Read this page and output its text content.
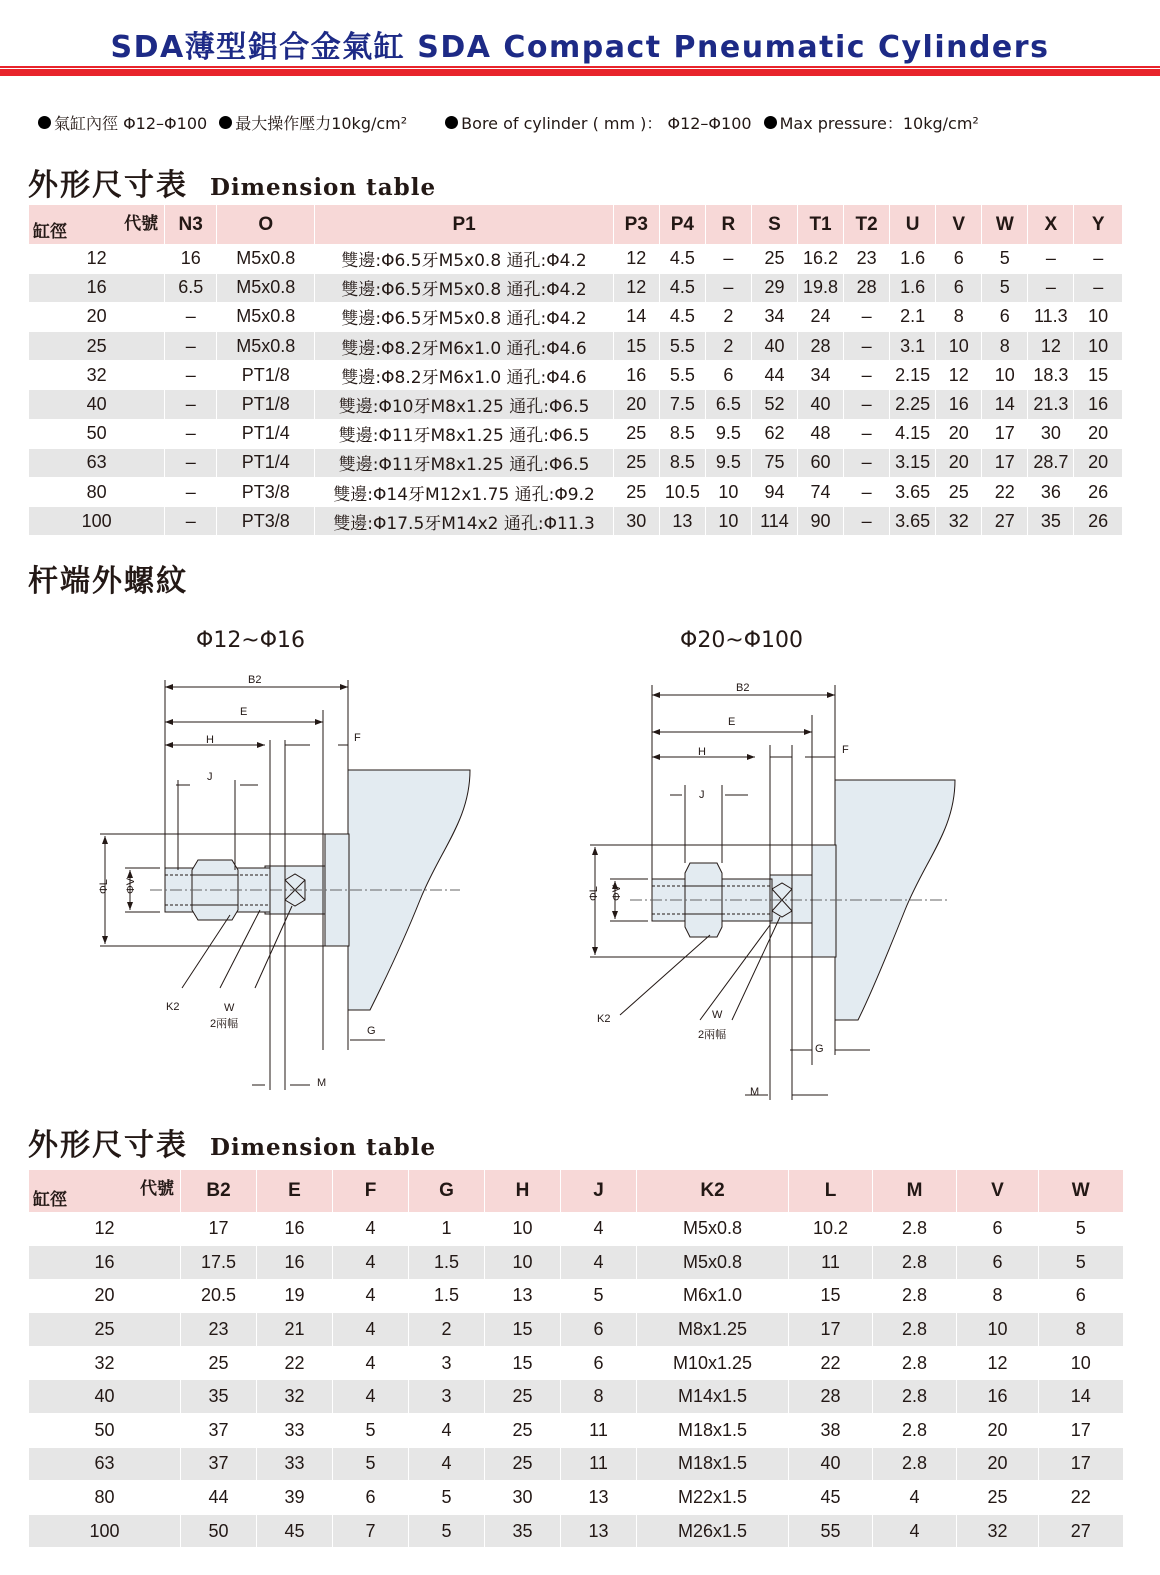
SDA薄型鋁合金氣缸 SDA Compact Pneumatic Cylinders
氣缸內徑 Φ12–Φ100 最大操作壓力10kg/cm²	Bore of cylinder ( mm )： Φ12–Φ100 Max pressure：10kg/cm²
外形尺寸表 Dimension table
代號
缸徑	N3	O	P1	P3	P4	R	S	T1	T2	U	V	W	X	Y
12	16	M5x0.8	雙邊:Φ6.5牙M5x0.8 通孔:Φ4.2	12	4.5	–	25	16.2	23	1.6	6	5	–	–
16	6.5	M5x0.8	雙邊:Φ6.5牙M5x0.8 通孔:Φ4.2	12	4.5	–	29	19.8	28	1.6	6	5	–	–
20	–	M5x0.8	雙邊:Φ6.5牙M5x0.8 通孔:Φ4.2	14	4.5	2	34	24	–	2.1	8	6	11.3	10
25	–	M5x0.8	雙邊:Φ8.2牙M6x1.0 通孔:Φ4.6	15	5.5	2	40	28	–	3.1	10	8	12	10
32	–	PT1/8	雙邊:Φ8.2牙M6x1.0 通孔:Φ4.6	16	5.5	6	44	34	–	2.15	12	10	18.3	15
40	–	PT1/8	雙邊:Φ10牙M8x1.25 通孔:Φ6.5	20	7.5	6.5	52	40	–	2.25	16	14	21.3	16
50	–	PT1/4	雙邊:Φ11牙M8x1.25 通孔:Φ6.5	25	8.5	9.5	62	48	–	4.15	20	17	30	20
63	–	PT1/4	雙邊:Φ11牙M8x1.25 通孔:Φ6.5	25	8.5	9.5	75	60	–	3.15	20	17	28.7	20
80	–	PT3/8	雙邊:Φ14牙M12x1.75 通孔:Φ9.2	25	10.5	10	94	74	–	3.65	25	22	36	26
100	–	PT3/8	雙邊:Φ17.5牙M14x2 通孔:Φ11.3	30	13	10	114	90	–	3.65	32	27	35	26
杆端外螺紋
Φ12~Φ16	Φ20~Φ100
B2
E
H
J
F
ΦL ΦV
K2	W
2兩幅
G
M
B2
E
H
J
F
ΦL ΦV
K2	W
2兩幅
G
M
外形尺寸表 Dimension table
代號
缸徑	B2	E	F	G	H	J	K2	L	M	V	W
12	17	16	4	1	10	4	M5x0.8	10.2	2.8	6	5
16	17.5	16	4	1.5	10	4	M5x0.8	11	2.8	6	5
20	20.5	19	4	1.5	13	5	M6x1.0	15	2.8	8	6
25	23	21	4	2	15	6	M8x1.25	17	2.8	10	8
32	25	22	4	3	15	6	M10x1.25	22	2.8	12	10
40	35	32	4	3	25	8	M14x1.5	28	2.8	16	14
50	37	33	5	4	25	11	M18x1.5	38	2.8	20	17
63	37	33	5	4	25	11	M18x1.5	40	2.8	20	17
80	44	39	6	5	30	13	M22x1.5	45	4	25	22
100	50	45	7	5	35	13	M26x1.5	55	4	32	27
